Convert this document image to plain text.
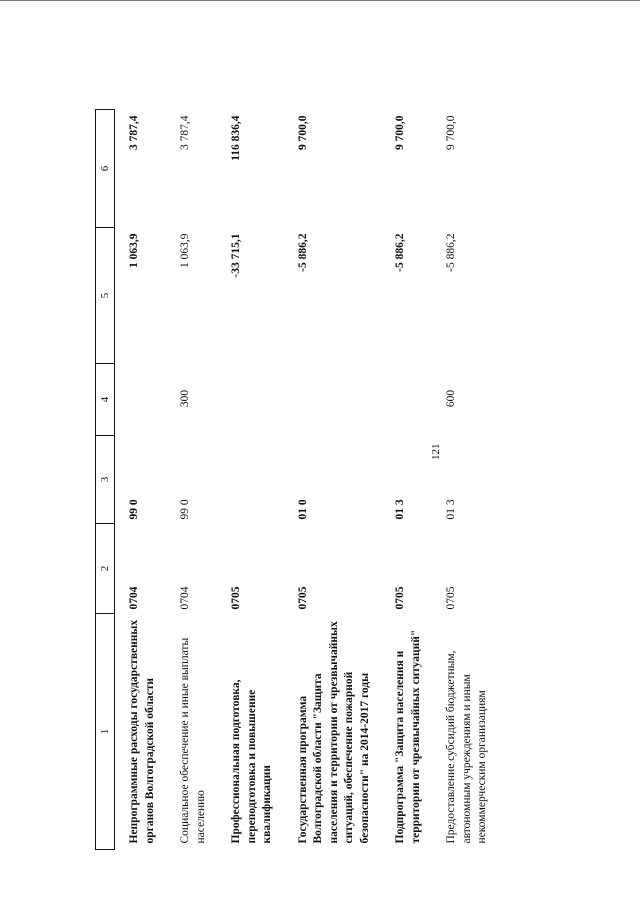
121
1	2	3	4	5	6
Непрограммные расходы государственных органов Волгоградской области	0704	99 0		1 063,9	3 787,4
Социальное обеспечение и иные выплаты населению	0704	99 0	300	1 063,9	3 787,4
Профессиональная подготовка, переподготовка и повышение квалификации	0705			-33 715,1	116 836,4
Государственная программа Волгоградской области "Защита населения и территории от чрезвычайных ситуаций, обеспечение пожарной безопасности" на 2014-2017 годы	0705	01 0		-5 886,2	9 700,0
Подпрограмма "Защита населения и территории от чрезвычайных ситуаций"	0705	01 3		-5 886,2	9 700,0
Предоставление субсидий бюджетным, автономным учреждениям и иным некоммерческим организациям	0705	01 3	600	-5 886,2	9 700,0
